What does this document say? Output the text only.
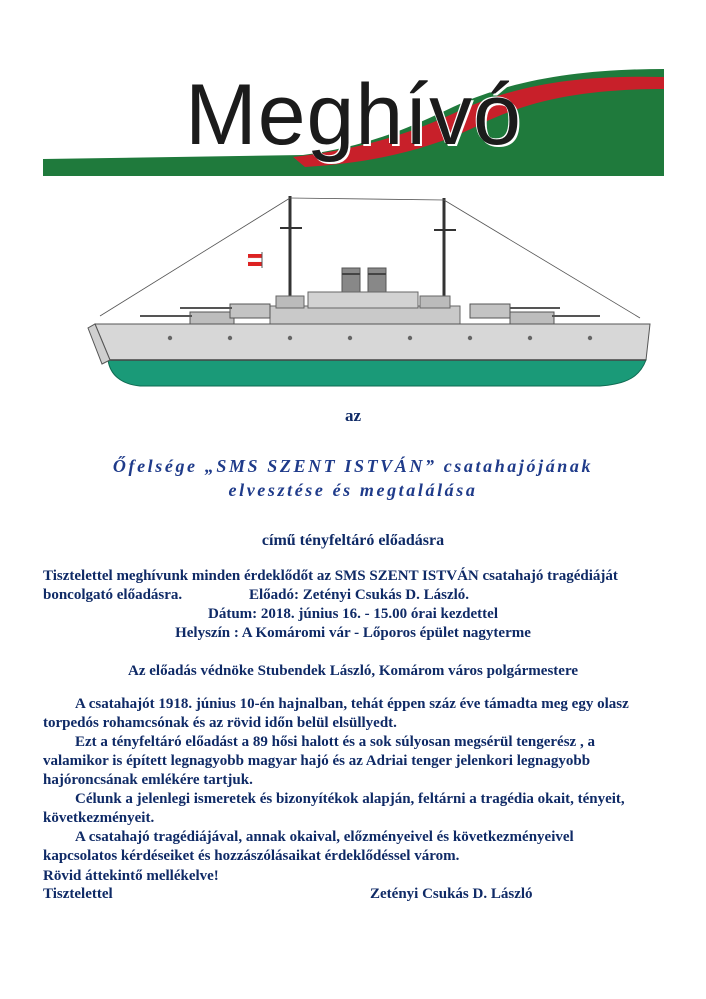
Meghívó
az
Őfelsége „SMS SZENT ISTVÁN” csatahajójának
elvesztése és megtalálása
című tényfeltáró előadásra
Tisztelettel meghívunk minden érdeklődőt az SMS SZENT ISTVÁN csatahajó tragédiáját
boncolgató előadásra.	Előadó: Zetényi Csukás D. László.
Dátum: 2018. június 16. - 15.00 órai kezdettel
Helyszín : A Komáromi vár - Lőporos épület nagyterme
Az előadás védnöke Stubendek László, Komárom város polgármestere
A csatahajót 1918. június 10-én hajnalban, tehát éppen száz éve támadta meg egy olasz
torpedós rohamcsónak és az rövid időn belül elsüllyedt.
Ezt a tényfeltáró előadást a 89 hősi halott és a sok súlyosan megsérül tengerész , a
valamikor is épített legnagyobb magyar hajó és az Adriai tenger jelenkori legnagyobb
hajóroncsának emlékére tartjuk.
Célunk a jelenlegi ismeretek és bizonyítékok alapján, feltárni a tragédia okait, tényeit,
következményeit.
A csatahajó tragédiájával, annak okaival, előzményeivel és következményeivel
kapcsolatos kérdéseiket és hozzászólásaikat érdeklődéssel várom.
Rövid áttekintő mellékelve!
Tisztelettel	Zetényi Csukás D. László
